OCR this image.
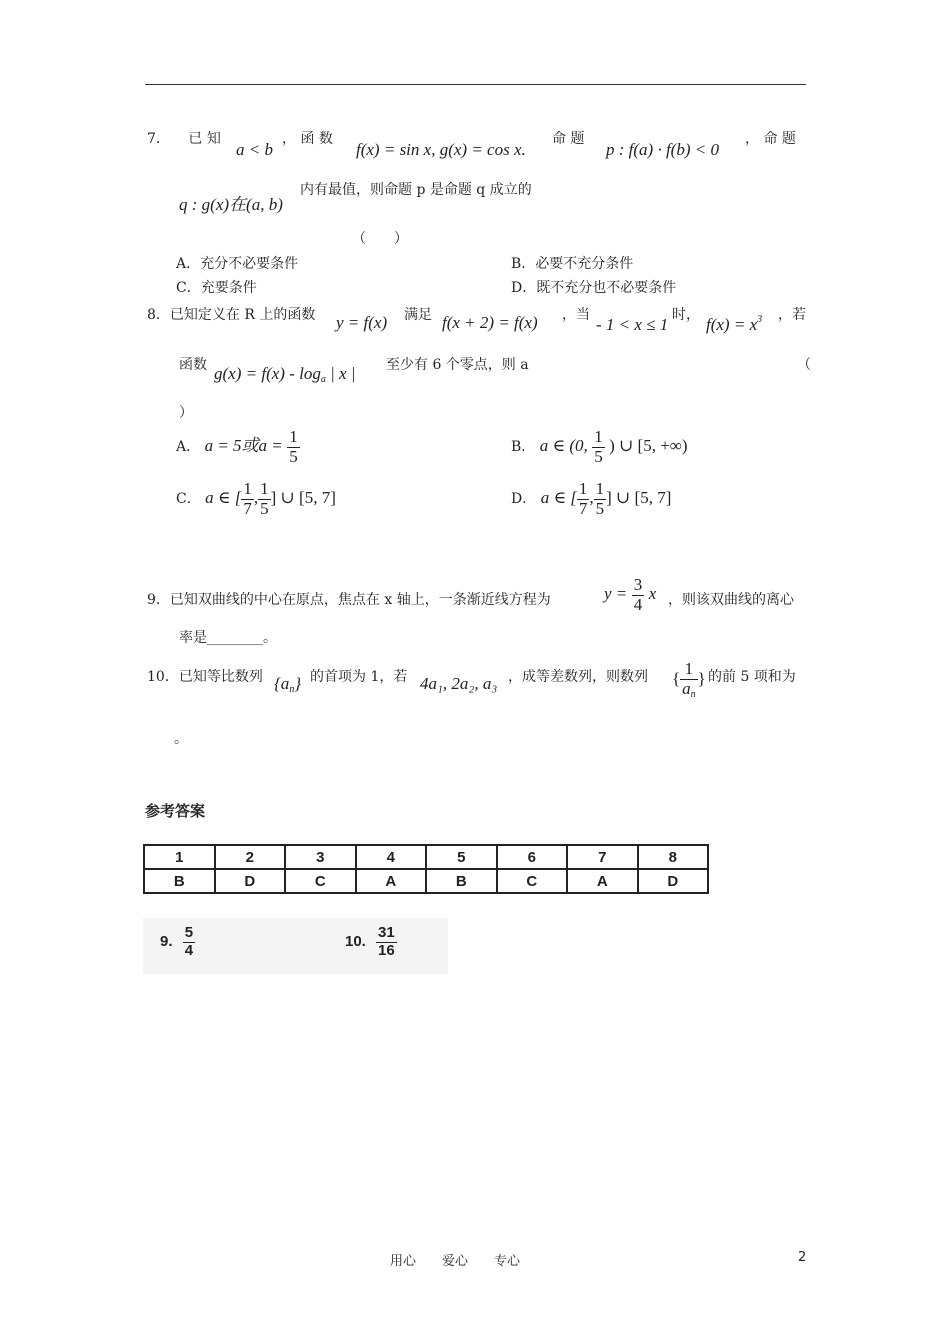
7． 已 知
a < b
， 函 数
f(x) = sin x, g(x) = cos x.
命 题
p : f(a) · f(b) < 0
， 命 题
q : g(x)在(a, b)
内有最值，则命题 p 是命题 q 成立的
（　　）
A．充分不必要条件	B．必要不充分条件
C．充要条件	D．既不充分也不必要条件
8．已知定义在 R 上的函数 y = f(x) 满足 f(x + 2) = f(x) ，当 - 1 < x ≤ 1 时， $f(x) = x^3$ ，若
函数 $g(x) = f(x) - \log_a$ | x | 至少有 6 个零点，则 a	（
）
A． a = 5或$a = \frac{1}{5}$	B． a ∈ (0, $\frac{1}{5}$ ) ∪ [5, +∞)
C． a ∈ [ $\frac{1}{7}$ , $\frac{1}{5}$ ] ∪ [5, 7]	D． a ∈ [ $\frac{1}{7}$ , $\frac{1}{5}$ ] ∪ [5, 7]
9．已知双曲线的中心在原点，焦点在 x 轴上，一条渐近线方程为	$y = \frac{3}{4}$ x ，则该双曲线的离心
率是________。
10．已知等比数列 $\{a_n\}$ 的首项为 1，若 4a₁, 2a₂, a₃ ，成等差数列，则数列 { $\frac{1}{a_n}$ } 的前 5 项和为
。
参考答案
1	2	3	4	5	6	7	8
B	D	C	A	B	C	A	D
9. $\frac{5}{4}$	10. $\frac{31}{16}$
用心　　爱心　　专心	2
